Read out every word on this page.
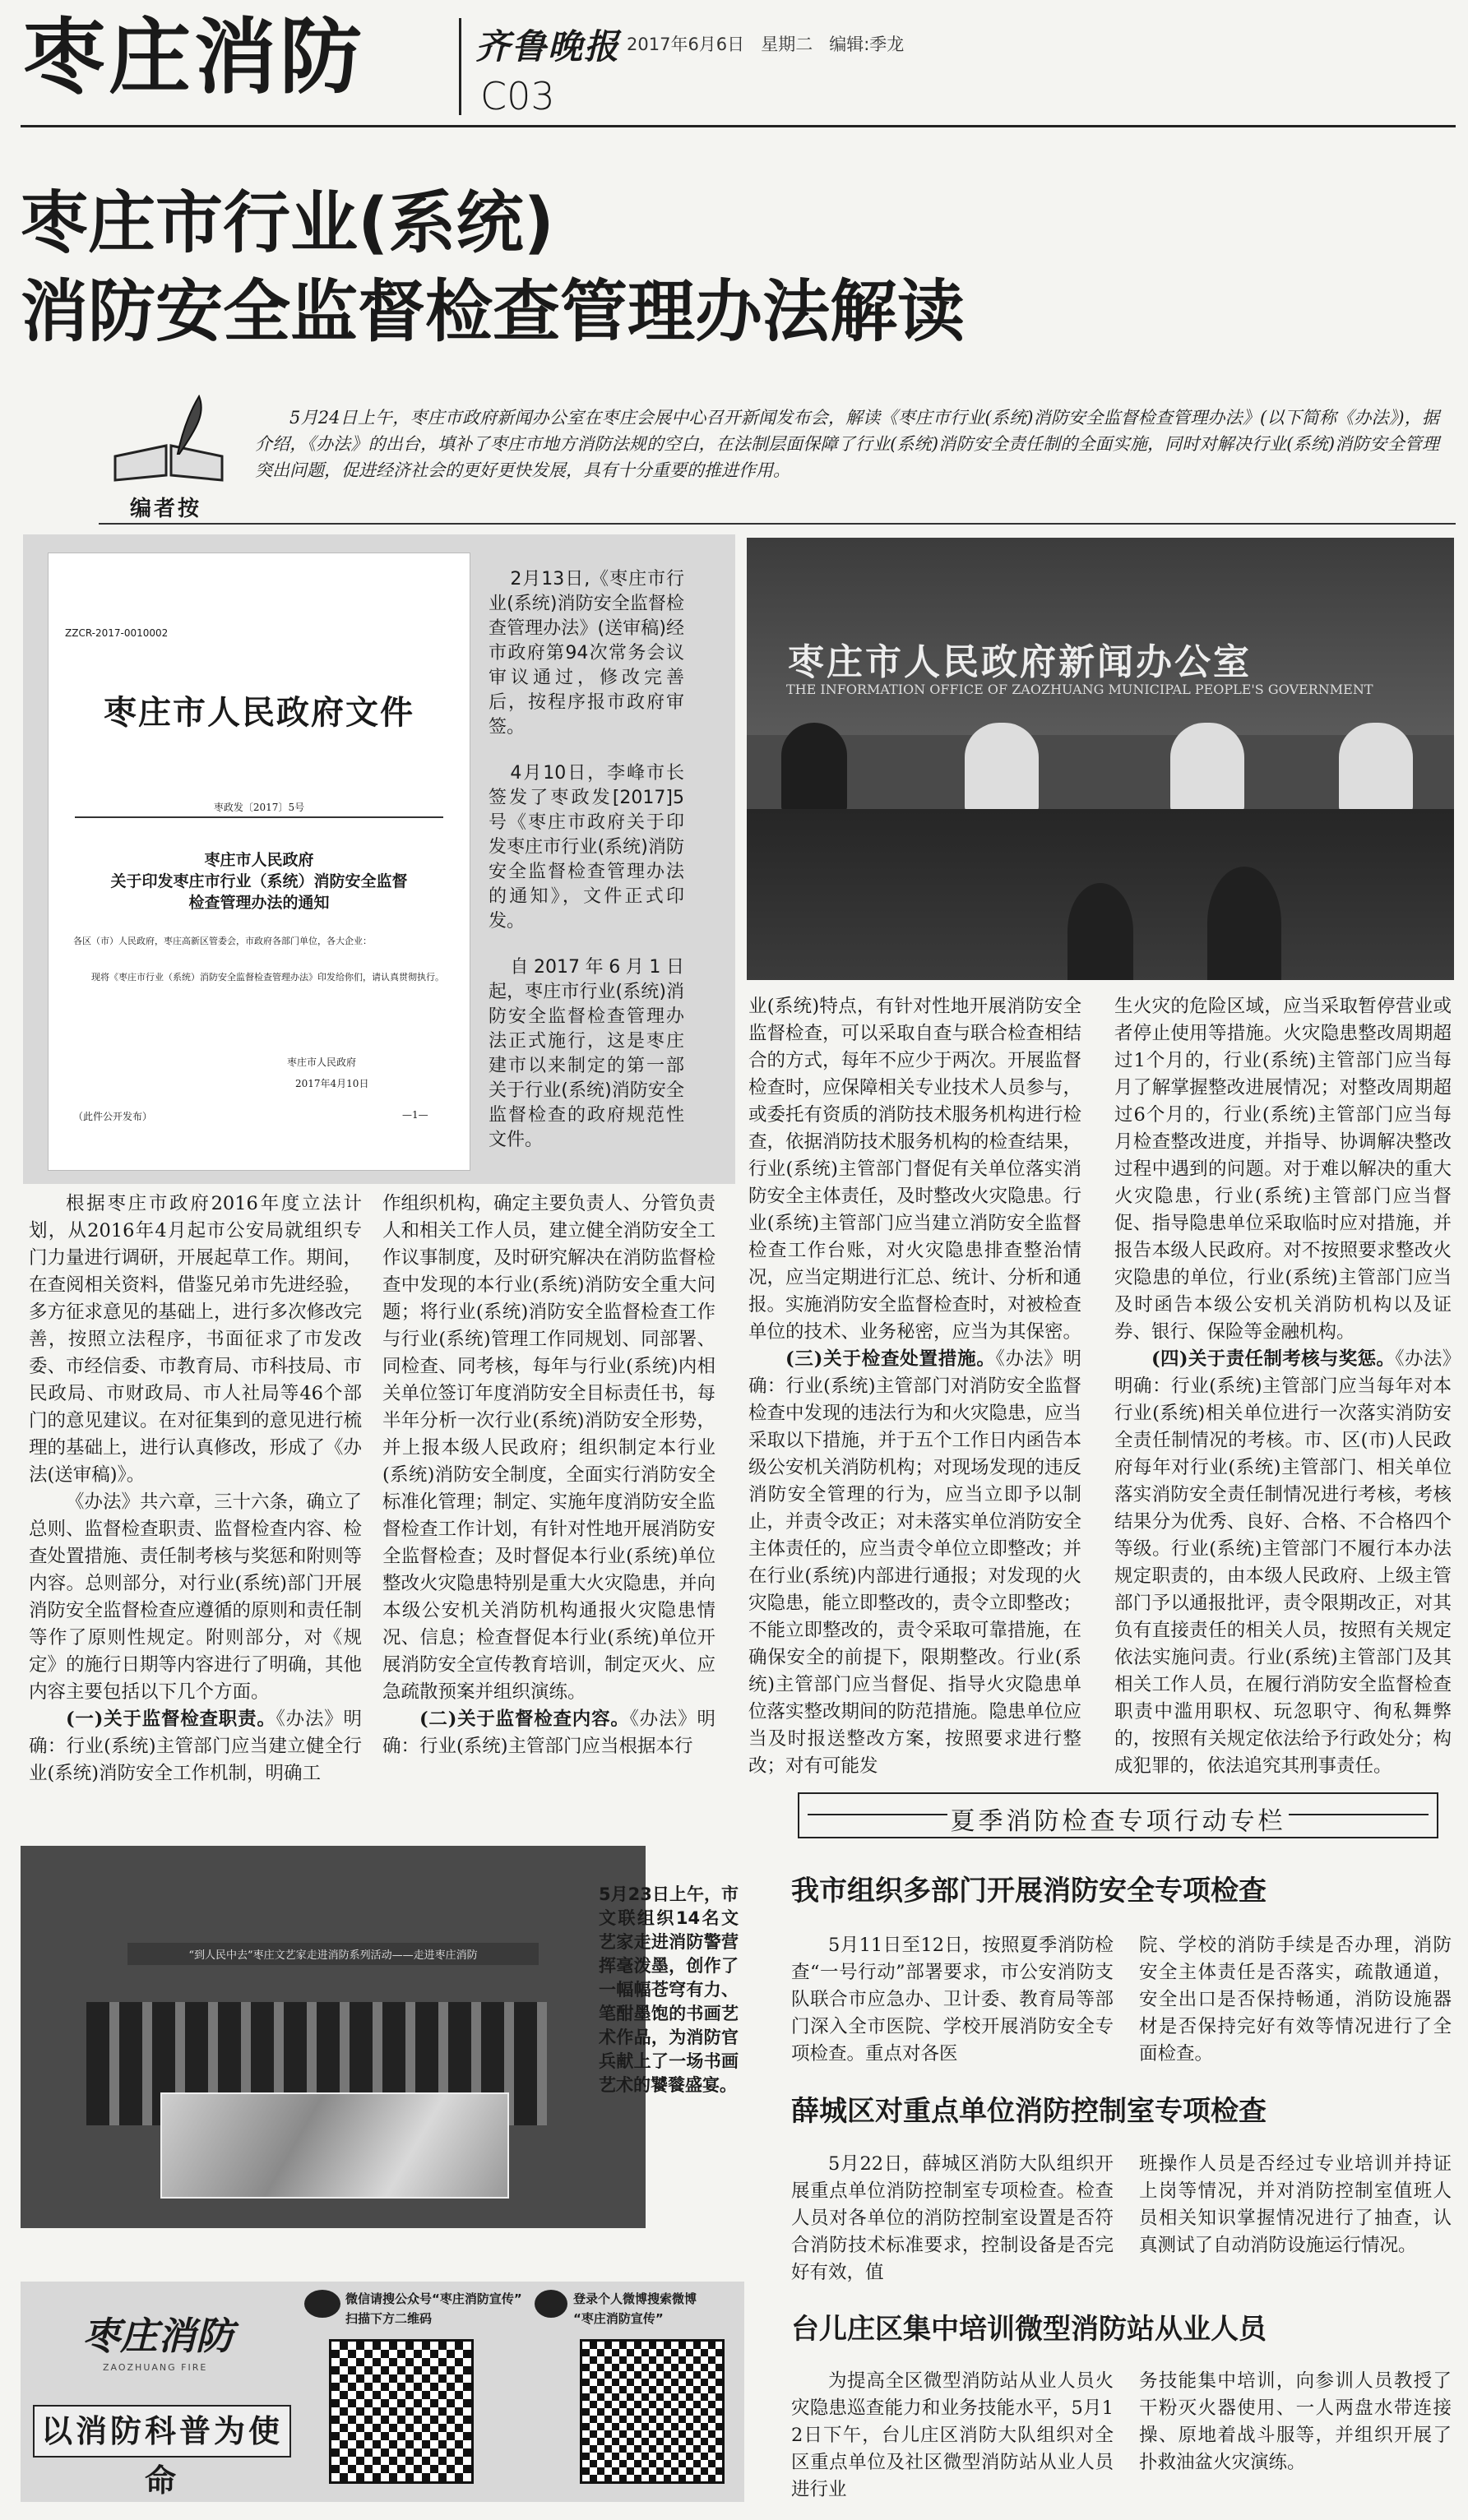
枣庄消防	齐鲁晚报 2017年6月6日 星期二 编辑:季龙
C03
枣庄市行业(系统)
消防安全监督检查管理办法解读
编者按

5月24日上午，枣庄市政府新闻办公室在枣庄会展中心召开新闻发布会，解读《枣庄市行业(系统)消防安全监督检查管理办法》(以下简称《办法》)，据介绍，《办法》的出台，填补了枣庄市地方消防法规的空白，在法制层面保障了行业(系统)消防安全责任制的全面实施，同时对解决行业(系统)消防安全管理突出问题，促进经济社会的更好更快发展，具有十分重要的推进作用。

ZZCR-2017-0010002
枣庄市人民政府文件
枣政发〔2017〕5号
枣庄市人民政府
关于印发枣庄市行业（系统）消防安全监督
检查管理办法的通知
各区（市）人民政府，枣庄高新区管委会，市政府各部门单位，各大企业：
现将《枣庄市行业（系统）消防安全监督检查管理办法》印发给你们，请认真贯彻执行。
枣庄市人民政府
2017年4月10日
（此件公开发布）	—1—

2月13日,《枣庄市行业(系统)消防安全监督检查管理办法》(送审稿)经市政府第94次常务会议审议通过，修改完善后，按程序报市政府审签。

4月10日，李峰市长签发了枣政发[2017]5号《枣庄市政府关于印发枣庄市行业(系统)消防安全监督检查管理办法的通知》，文件正式印发。

自2017年6月1日起，枣庄市行业(系统)消防安全监督检查管理办法正式施行，这是枣庄建市以来制定的第一部关于行业(系统)消防安全监督检查的政府规范性文件。

枣庄市人民政府新闻办公室
THE INFORMATION OFFICE OF ZAOZHUANG MUNICIPAL PEOPLE'S GOVERNMENT

根据枣庄市政府2016年度立法计划，从2016年4月起市公安局就组织专门力量进行调研，开展起草工作。期间，在查阅相关资料，借鉴兄弟市先进经验，多方征求意见的基础上，进行多次修改完善，按照立法程序，书面征求了市发改委、市经信委、市教育局、市科技局、市民政局、市财政局、市人社局等46个部门的意见建议。在对征集到的意见进行梳理的基础上，进行认真修改，形成了《办法(送审稿)》。

《办法》共六章，三十六条，确立了总则、监督检查职责、监督检查内容、检查处置措施、责任制考核与奖惩和附则等内容。总则部分，对行业(系统)部门开展消防安全监督检查应遵循的原则和责任制等作了原则性规定。附则部分，对《规定》的施行日期等内容进行了明确，其他内容主要包括以下几个方面。

(一)关于监督检查职责。《办法》明确：行业(系统)主管部门应当建立健全行业(系统)消防安全工作机制，明确工

作组织机构，确定主要负责人、分管负责人和相关工作人员，建立健全消防安全工作议事制度，及时研究解决在消防监督检查中发现的本行业(系统)消防安全重大问题；将行业(系统)消防安全监督检查工作与行业(系统)管理工作同规划、同部署、同检查、同考核，每年与行业(系统)内相关单位签订年度消防安全目标责任书，每半年分析一次行业(系统)消防安全形势，并上报本级人民政府；组织制定本行业(系统)消防安全制度，全面实行消防安全标准化管理；制定、实施年度消防安全监督检查工作计划，有针对性地开展消防安全监督检查；及时督促本行业(系统)单位整改火灾隐患特别是重大火灾隐患，并向本级公安机关消防机构通报火灾隐患情况、信息；检查督促本行业(系统)单位开展消防安全宣传教育培训，制定灭火、应急疏散预案并组织演练。

(二)关于监督检查内容。《办法》明确：行业(系统)主管部门应当根据本行

业(系统)特点，有针对性地开展消防安全监督检查，可以采取自查与联合检查相结合的方式，每年不应少于两次。开展监督检查时，应保障相关专业技术人员参与，或委托有资质的消防技术服务机构进行检查，依据消防技术服务机构的检查结果，行业(系统)主管部门督促有关单位落实消防安全主体责任，及时整改火灾隐患。行业(系统)主管部门应当建立消防安全监督检查工作台账，对火灾隐患排查整治情况，应当定期进行汇总、统计、分析和通报。实施消防安全监督检查时，对被检查单位的技术、业务秘密，应当为其保密。

(三)关于检查处置措施。《办法》明确：行业(系统)主管部门对消防安全监督检查中发现的违法行为和火灾隐患，应当采取以下措施，并于五个工作日内函告本级公安机关消防机构；对现场发现的违反消防安全管理的行为，应当立即予以制止，并责令改正；对未落实单位消防安全主体责任的，应当责令单位立即整改；并在行业(系统)内部进行通报；对发现的火灾隐患，能立即整改的，责令立即整改；不能立即整改的，责令采取可靠措施，在确保安全的前提下，限期整改。行业(系统)主管部门应当督促、指导火灾隐患单位落实整改期间的防范措施。隐患单位应当及时报送整改方案，按照要求进行整改；对有可能发

生火灾的危险区域，应当采取暂停营业或者停止使用等措施。火灾隐患整改周期超过1个月的，行业(系统)主管部门应当每月了解掌握整改进展情况；对整改周期超过6个月的，行业(系统)主管部门应当每月检查整改进度，并指导、协调解决整改过程中遇到的问题。对于难以解决的重大火灾隐患，行业(系统)主管部门应当督促、指导隐患单位采取临时应对措施，并报告本级人民政府。对不按照要求整改火灾隐患的单位，行业(系统)主管部门应当及时函告本级公安机关消防机构以及证券、银行、保险等金融机构。

(四)关于责任制考核与奖惩。《办法》明确：行业(系统)主管部门应当每年对本行业(系统)相关单位进行一次落实消防安全责任制情况的考核。市、区(市)人民政府每年对行业(系统)主管部门、相关单位落实消防安全责任制情况进行考核，考核结果分为优秀、良好、合格、不合格四个等级。行业(系统)主管部门不履行本办法规定职责的，由本级人民政府、上级主管部门予以通报批评，责令限期改正，对其负有直接责任的相关人员，按照有关规定依法实施问责。行业(系统)主管部门及其相关工作人员，在履行消防安全监督检查职责中滥用职权、玩忽职守、徇私舞弊的，按照有关规定依法给予行政处分；构成犯罪的，依法追究其刑事责任。

“到人民中去”枣庄文艺家走进消防系列活动——走进枣庄消防
5月23日上午，市文联组织14名文艺家走进消防警营挥毫泼墨，创作了一幅幅苍穹有力、笔酣墨饱的书画艺术作品，为消防官兵献上了一场书画艺术的饕餮盛宴。
夏季消防检查专项行动专栏
我市组织多部门开展消防安全专项检查

5月11日至12日，按照夏季消防检查“一号行动”部署要求，市公安消防支队联合市应急办、卫计委、教育局等部门深入全市医院、学校开展消防安全专项检查。重点对各医

院、学校的消防手续是否办理，消防安全主体责任是否落实，疏散通道，安全出口是否保持畅通，消防设施器材是否保持完好有效等情况进行了全面检查。

薛城区对重点单位消防控制室专项检查

5月22日，薛城区消防大队组织开展重点单位消防控制室专项检查。检查人员对各单位的消防控制室设置是否符合消防技术标准要求，控制设备是否完好有效，值

班操作人员是否经过专业培训并持证上岗等情况，并对消防控制室值班人员相关知识掌握情况进行了抽查，认真测试了自动消防设施运行情况。

台儿庄区集中培训微型消防站从业人员

为提高全区微型消防站从业人员火灾隐患巡查能力和业务技能水平，5月12日下午，台儿庄区消防大队组织对全区重点单位及社区微型消防站从业人员进行业

务技能集中培训，向参训人员教授了干粉灭火器使用、一人两盘水带连接操、原地着战斗服等，并组织开展了扑救油盆火灾演练。

枣庄消防
ZAOZHUANG FIRE
以消防科普为使命
微信请搜公众号“枣庄消防宣传”
扫描下方二维码
登录个人微博搜索微博
“枣庄消防宣传”
